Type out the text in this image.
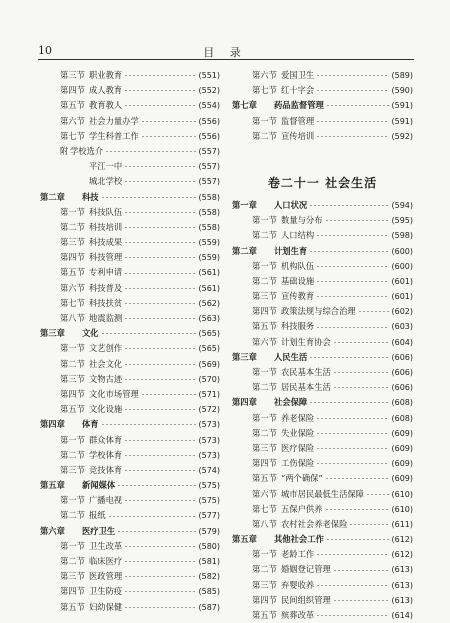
10	目 录
第三节 职业教育	(551)
第四节 成人教育	(552)
第五节 教育教人	(554)
第六节 社会力量办学	(556)
第七节 学生科普工作	(556)
附 学校选介	(557)
平江一中	(557)
城北学校	(557)
第二章	科技	(558)
第一节 科技队伍	(558)
第二节 科技培训	(558)
第三节 科技成果	(559)
第四节 科技管理	(559)
第五节 专利申请	(561)
第六节 科技普及	(561)
第七节 科技扶贫	(562)
第八节 地震监测	(563)
第三章	文化	(565)
第一节 文艺创作	(565)
第二节 社会文化	(569)
第三节 文物古迹	(570)
第四节 文化市场管理	(571)
第五节 文化设施	(572)
第四章	体育	(573)
第一节 群众体育	(573)
第二节 学校体育	(573)
第三节 竞技体育	(574)
第五章	新闻媒体	(575)
第一节 广播电视	(575)
第二节 报纸	(577)
第六章	医疗卫生	(579)
第一节 卫生改革	(580)
第二节 临床医疗	(581)
第三节 医政管理	(582)
第四节 卫生防疫	(585)
第五节 妇幼保健	(587)
第六节 爱国卫生	(589)
第七节 红十字会	(590)
第七章	药品监督管理	(591)
第一节 监督管理	(591)
第二节 宣传培训	(592)
卷二十一 社会生活
第一章	人口状况	(594)
第一节 数量与分布	(595)
第二节 人口结构	(598)
第二章	计划生育	(600)
第一节 机构队伍	(600)
第二节 基础设施	(601)
第三节 宣传教育	(601)
第四节 政策法规与综合治理	(602)
第五节 科技服务	(603)
第六节 计划生育协会	(604)
第三章	人民生活	(606)
第一节 农民基本生活	(606)
第二节 居民基本生活	(606)
第四章	社会保障	(608)
第一节 养老保险	(608)
第二节 失业保险	(609)
第三节 医疗保险	(609)
第四节 工伤保险	(609)
第五节 “两个确保”	(609)
第六节 城市居民最低生活保障	(610)
第七节 五保户供养	(610)
第八节 农村社会养老保险	(611)
第五章	其他社会工作	(612)
第一节 老龄工作	(612)
第二节 婚姻登记管理	(613)
第三节 弃婴收养	(613)
第四节 民间组织管理	(613)
第五节 殡葬改革	(614)
